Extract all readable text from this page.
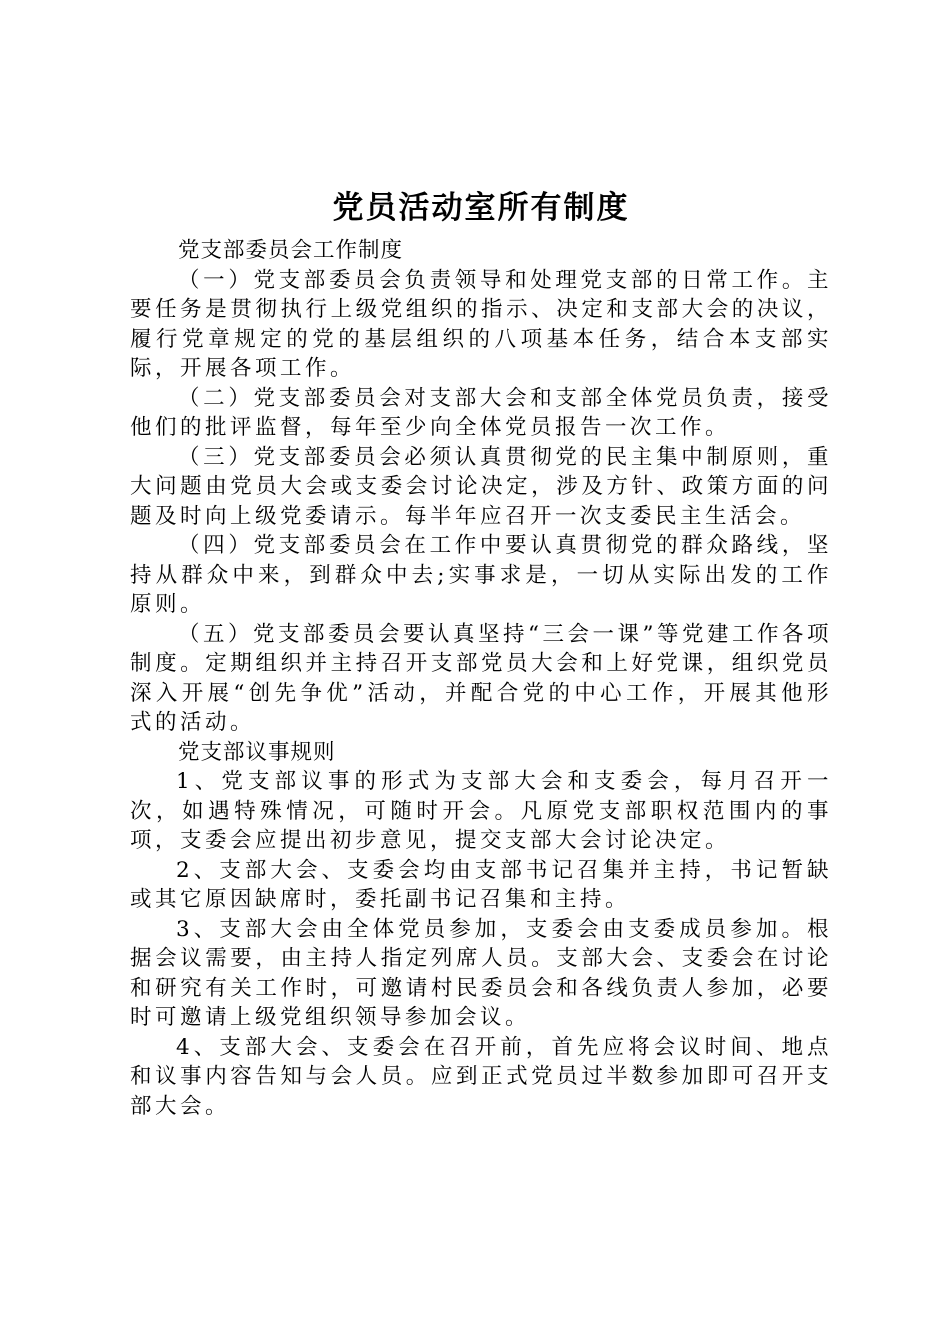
党员活动室所有制度

党支部委员会工作制度

（一）党支部委员会负责领导和处理党支部的日常工作。主要任务是贯彻执行上级党组织的指示、决定和支部大会的决议，履行党章规定的党的基层组织的八项基本任务，结合本支部实际，开展各项工作。

（二）党支部委员会对支部大会和支部全体党员负责，接受他们的批评监督，每年至少向全体党员报告一次工作。

（三）党支部委员会必须认真贯彻党的民主集中制原则，重大问题由党员大会或支委会讨论决定，涉及方针、政策方面的问题及时向上级党委请示。每半年应召开一次支委民主生活会。

（四）党支部委员会在工作中要认真贯彻党的群众路线，坚持从群众中来，到群众中去;实事求是，一切从实际出发的工作原则。

（五）党支部委员会要认真坚持“三会一课”等党建工作各项制度。定期组织并主持召开支部党员大会和上好党课，组织党员深入开展“创先争优”活动，并配合党的中心工作，开展其他形式的活动。

党支部议事规则

1、党支部议事的形式为支部大会和支委会，每月召开一次，如遇特殊情况，可随时开会。凡原党支部职权范围内的事项，支委会应提出初步意见，提交支部大会讨论决定。

2、支部大会、支委会均由支部书记召集并主持，书记暂缺或其它原因缺席时，委托副书记召集和主持。

3、支部大会由全体党员参加，支委会由支委成员参加。根据会议需要，由主持人指定列席人员。支部大会、支委会在讨论和研究有关工作时，可邀请村民委员会和各线负责人参加，必要时可邀请上级党组织领导参加会议。

4、支部大会、支委会在召开前，首先应将会议时间、地点和议事内容告知与会人员。应到正式党员过半数参加即可召开支部大会。
